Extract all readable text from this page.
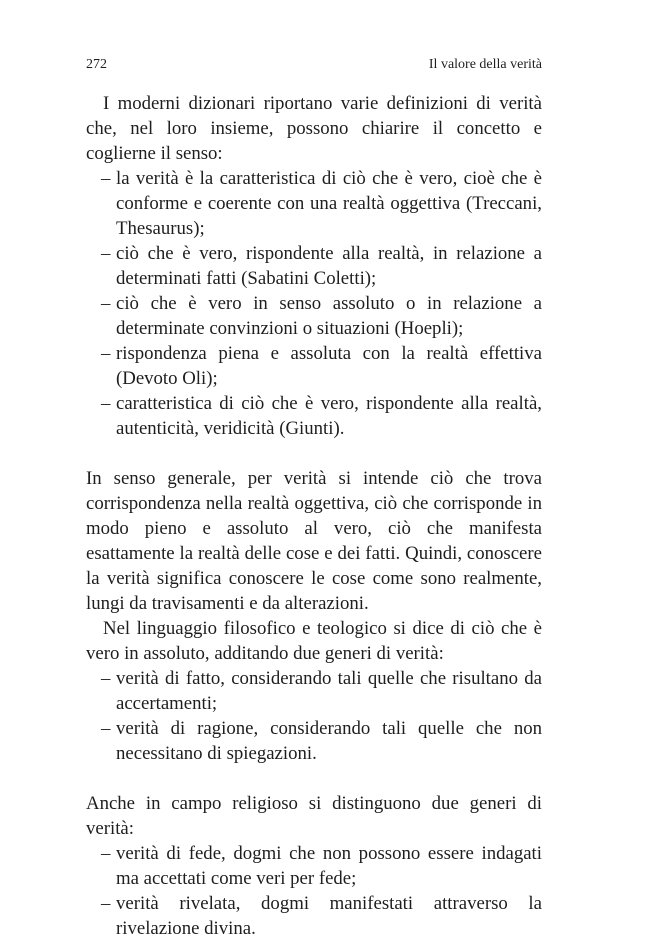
272	Il valore della verità

I moderni dizionari riportano varie definizioni di verità che, nel loro insieme, possono chiarire il concetto e coglierne il senso:

– la verità è la caratteristica di ciò che è vero, cioè che è conforme e coerente con una realtà oggettiva (Treccani, Thesaurus);
– ciò che è vero, rispondente alla realtà, in relazione a determinati fatti (Sabatini Coletti);
– ciò che è vero in senso assoluto o in relazione a determinate convinzioni o situazioni (Hoepli);
– rispondenza piena e assoluta con la realtà effettiva (Devoto Oli);
– caratteristica di ciò che è vero, rispondente alla realtà, autenticità, veridicità (Giunti).

In senso generale, per verità si intende ciò che trova corrispondenza nella realtà oggettiva, ciò che corrisponde in modo pieno e assoluto al vero, ciò che manifesta esattamente la realtà delle cose e dei fatti. Quindi, conoscere la verità significa conoscere le cose come sono realmente, lungi da travisamenti e da alterazioni.

Nel linguaggio filosofico e teologico si dice di ciò che è vero in assoluto, additando due generi di verità:

– verità di fatto, considerando tali quelle che risultano da accertamenti;
– verità di ragione, considerando tali quelle che non necessitano di spiegazioni.

Anche in campo religioso si distinguono due generi di verità:

– verità di fede, dogmi che non possono essere indagati ma accettati come veri per fede;
– verità rivelata, dogmi manifestati attraverso la rivelazione divina.
